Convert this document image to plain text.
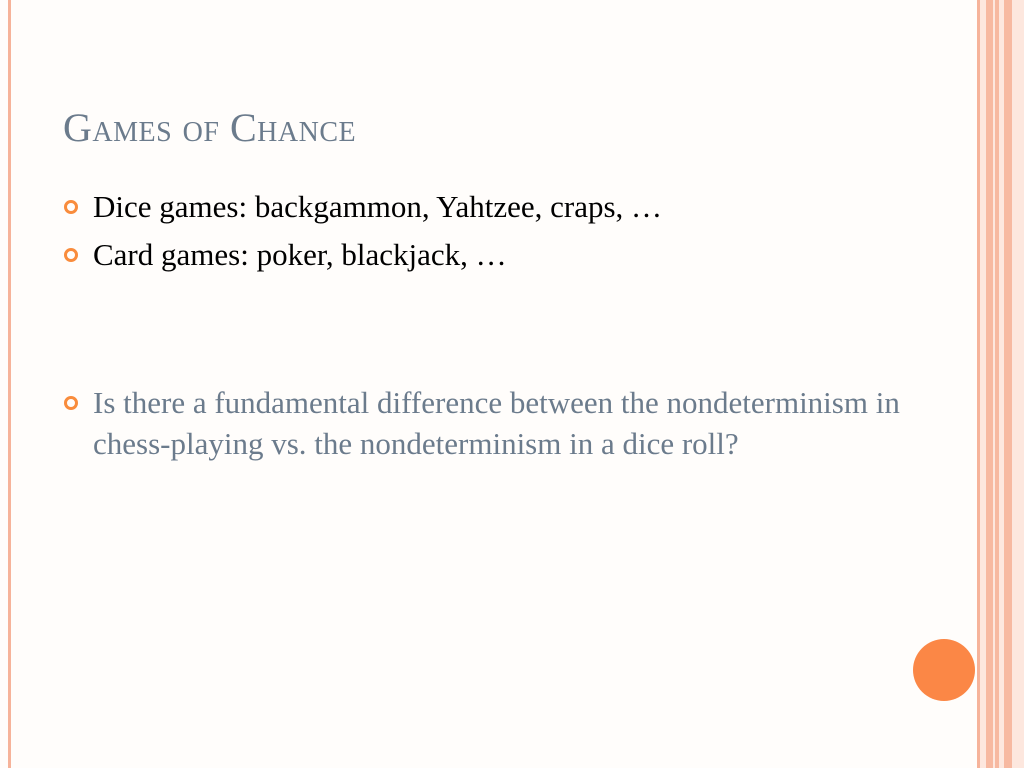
Games of Chance
Dice games: backgammon, Yahtzee, craps, …
Card games: poker, blackjack, …
Is there a fundamental difference between the nondeterminism in chess-playing vs. the nondeterminism in a dice roll?
